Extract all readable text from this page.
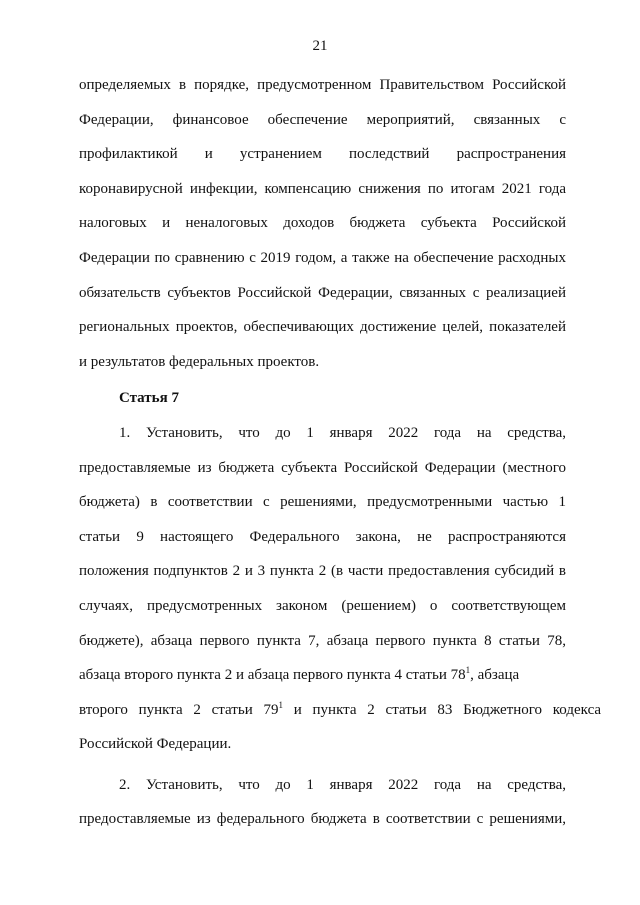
21
определяемых в порядке, предусмотренном Правительством Российской
Федерации, финансовое обеспечение мероприятий, связанных с
профилактикой и устранением последствий распространения
коронавирусной инфекции, компенсацию снижения по итогам 2021 года
налоговых и неналоговых доходов бюджета субъекта Российской
Федерации по сравнению с 2019 годом, а также на обеспечение расходных
обязательств субъектов Российской Федерации, связанных с реализацией
региональных проектов, обеспечивающих достижение целей, показателей
и результатов федеральных проектов.
Статья 7
1. Установить, что до 1 января 2022 года на средства,
предоставляемые из бюджета субъекта Российской Федерации (местного
бюджета) в соответствии с решениями, предусмотренными частью 1
статьи 9 настоящего Федерального закона, не распространяются
положения подпунктов 2 и 3 пункта 2 (в части предоставления субсидий в
случаях, предусмотренных законом (решением) о соответствующем
бюджете), абзаца первого пункта 7, абзаца первого пункта 8 статьи 78,
абзаца второго пункта 2 и абзаца первого пункта 4 статьи $78^1$, абзаца
второго пункта 2 статьи $79^1$ и пункта 2 статьи 83 Бюджетного кодекса
Российской Федерации.
2. Установить, что до 1 января 2022 года на средства,
предоставляемые из федерального бюджета в соответствии с решениями,
